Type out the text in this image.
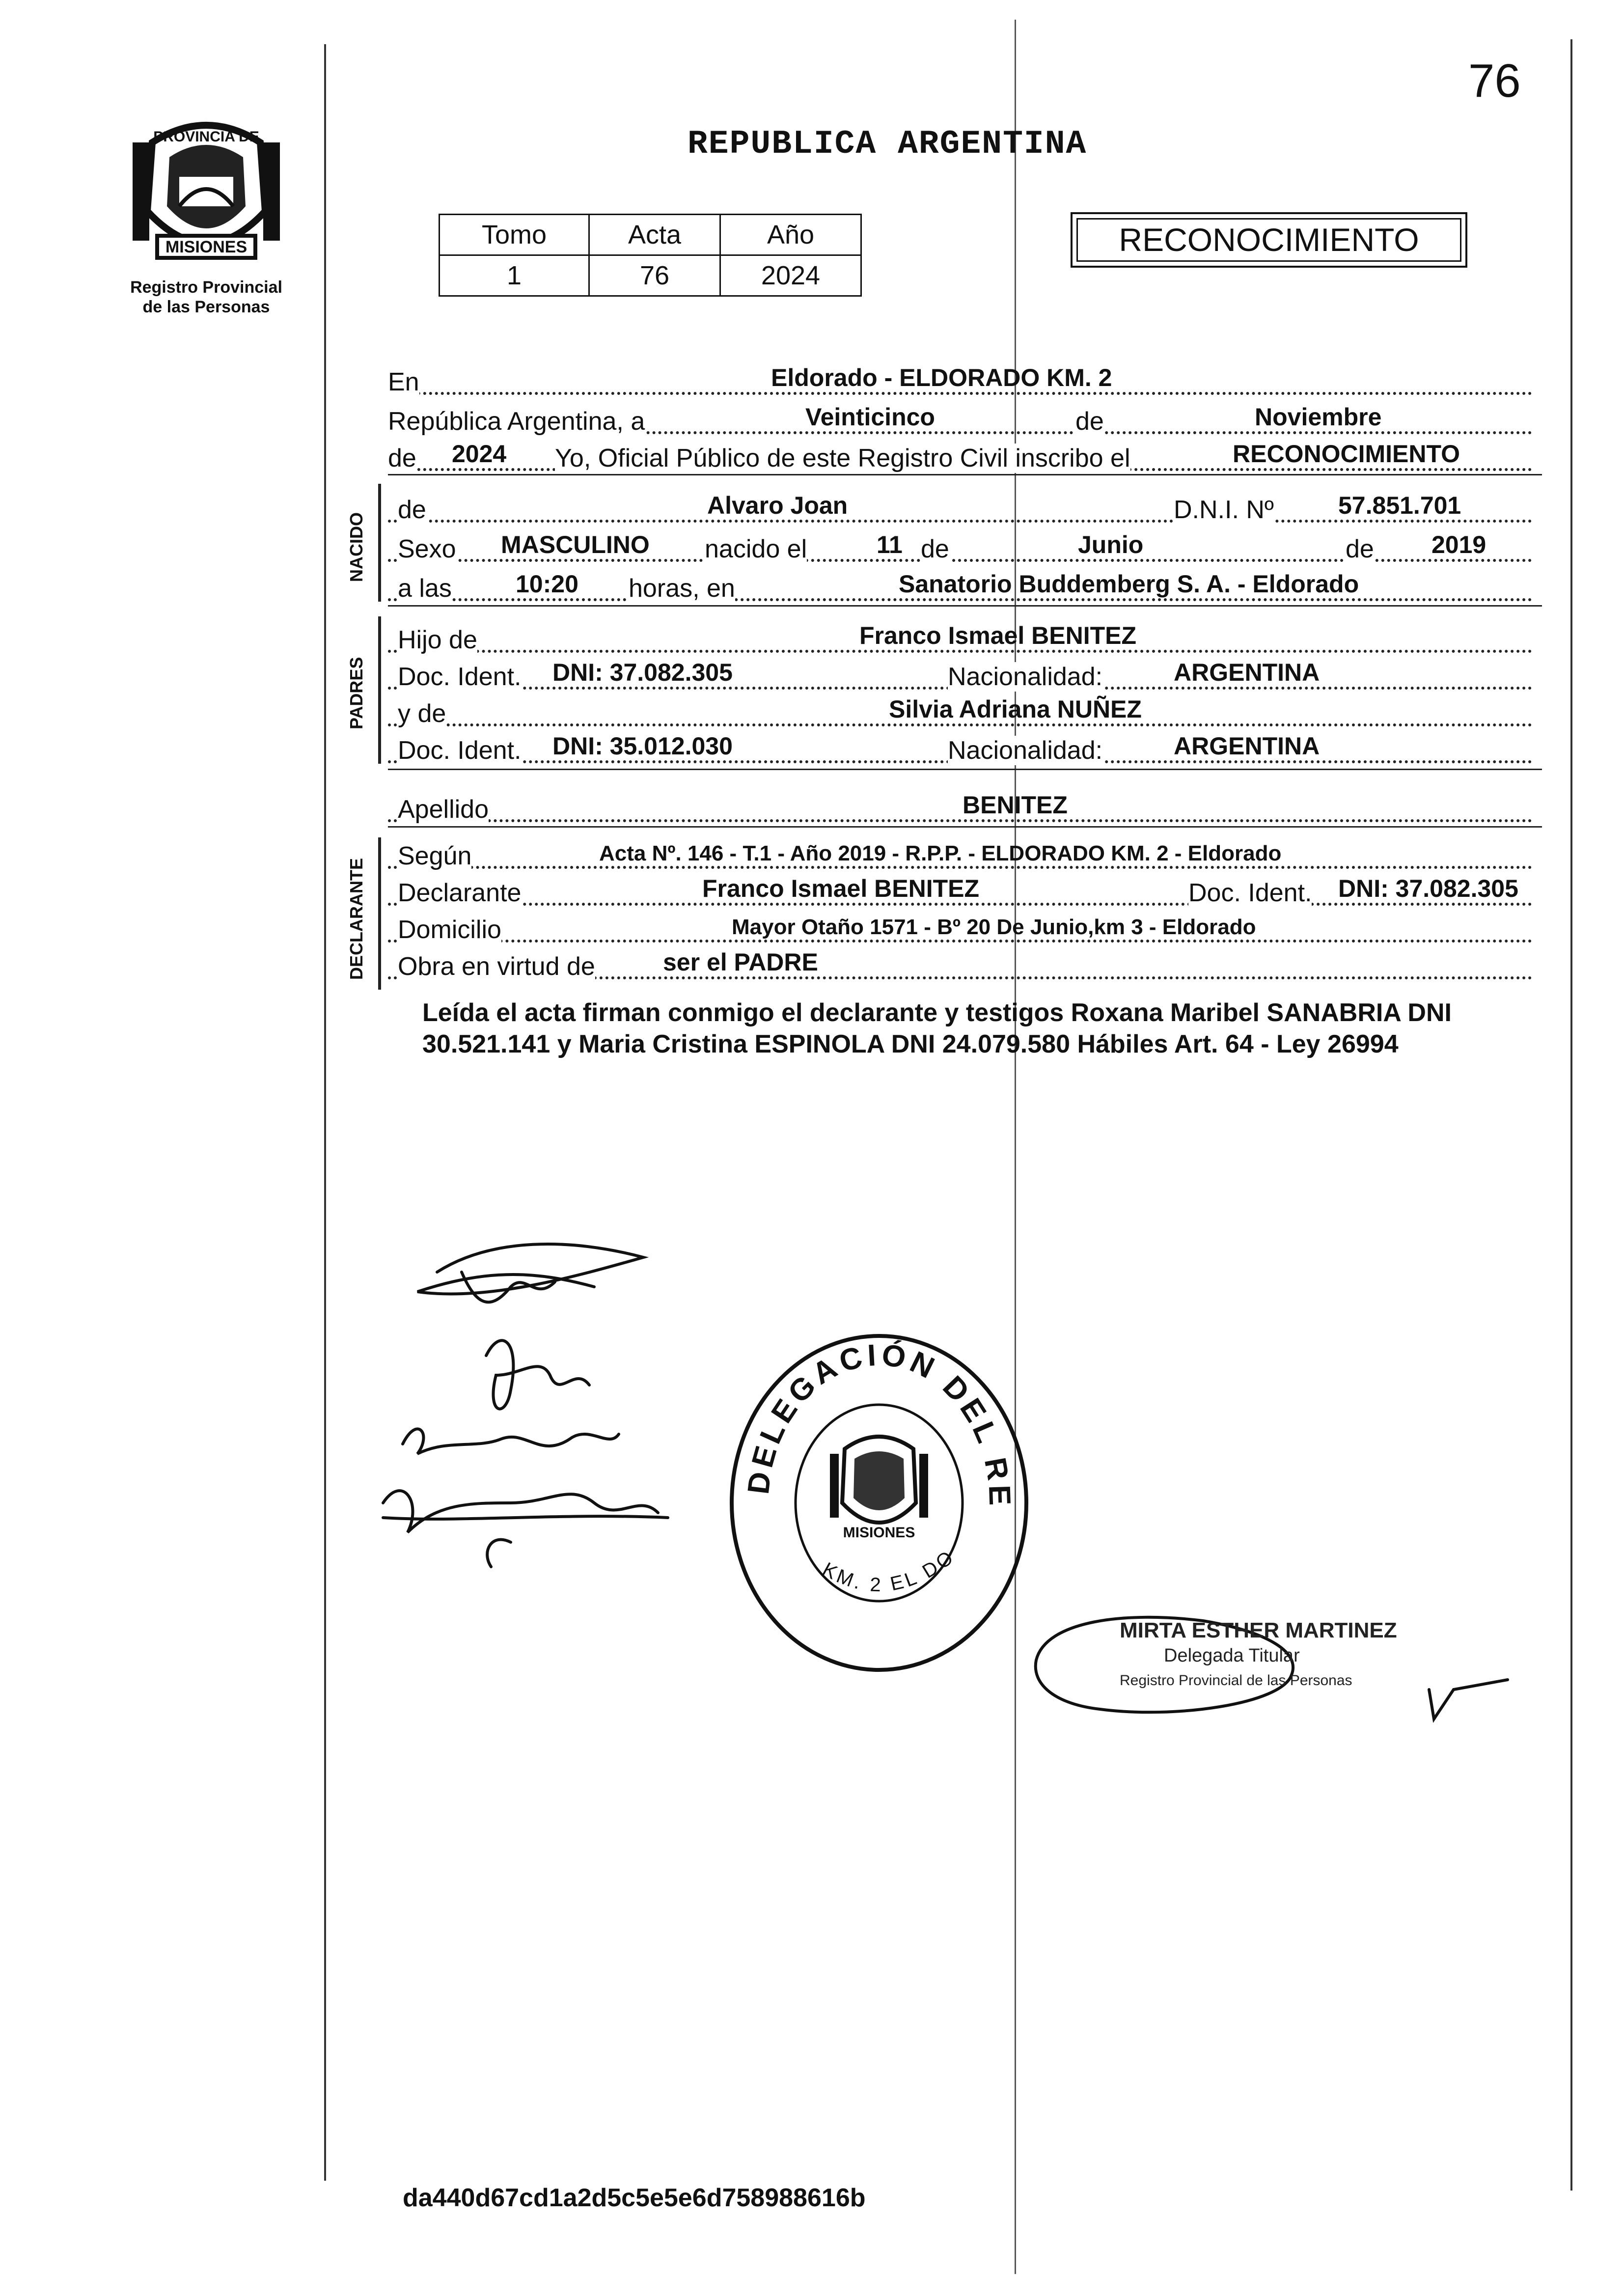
76
PROVINCIA DE
MISIONES
Registro Provincial
de las Personas
REPUBLICA ARGENTINA
Tomo	Acta	Año
1	76	2024
RECONOCIMIENTO
En	Eldorado - ELDORADO KM. 2
República Argentina, a	Veinticinco	de	Noviembre
de 2024 Yo, Oficial Público de este Registro Civil inscribo el	RECONOCIMIENTO
NACIDO
de	Alvaro Joan	D.N.I. Nº	57.851.701
Sexo MASCULINO nacido el	11 de	Junio	de 2019
a las	10:20 horas, en	Sanatorio Buddemberg S. A. - Eldorado
PADRES
Hijo de	Franco Ismael BENITEZ
Doc. Ident. DNI: 37.082.305	Nacionalidad:	ARGENTINA
y de	Silvia Adriana NUÑEZ
Doc. Ident. DNI: 35.012.030	Nacionalidad:	ARGENTINA
Apellido	BENITEZ
DECLARANTE
Según	Acta Nº. 146 - T.1 - Año 2019 - R.P.P. - ELDORADO KM. 2 - Eldorado
Declarante	Franco Ismael BENITEZ	Doc. Ident. DNI: 37.082.305
Domicilio	Mayor Otaño 1571 - Bº 20 De Junio,km 3 - Eldorado
Obra en virtud de	ser el PADRE
Leída el acta firman conmigo el declarante y testigos Roxana Maribel SANABRIA DNI 30.521.141 y Maria Cristina ESPINOLA DNI 24.079.580 Hábiles Art. 64 - Ley 26994
DELEGACIÓN DEL RE
KM. 2 EL DO
MISIONES
MIRTA ESTHER MARTINEZ
Delegada Titular
Registro Provincial de las Personas
da440d67cd1a2d5c5e5e6d758988616b
